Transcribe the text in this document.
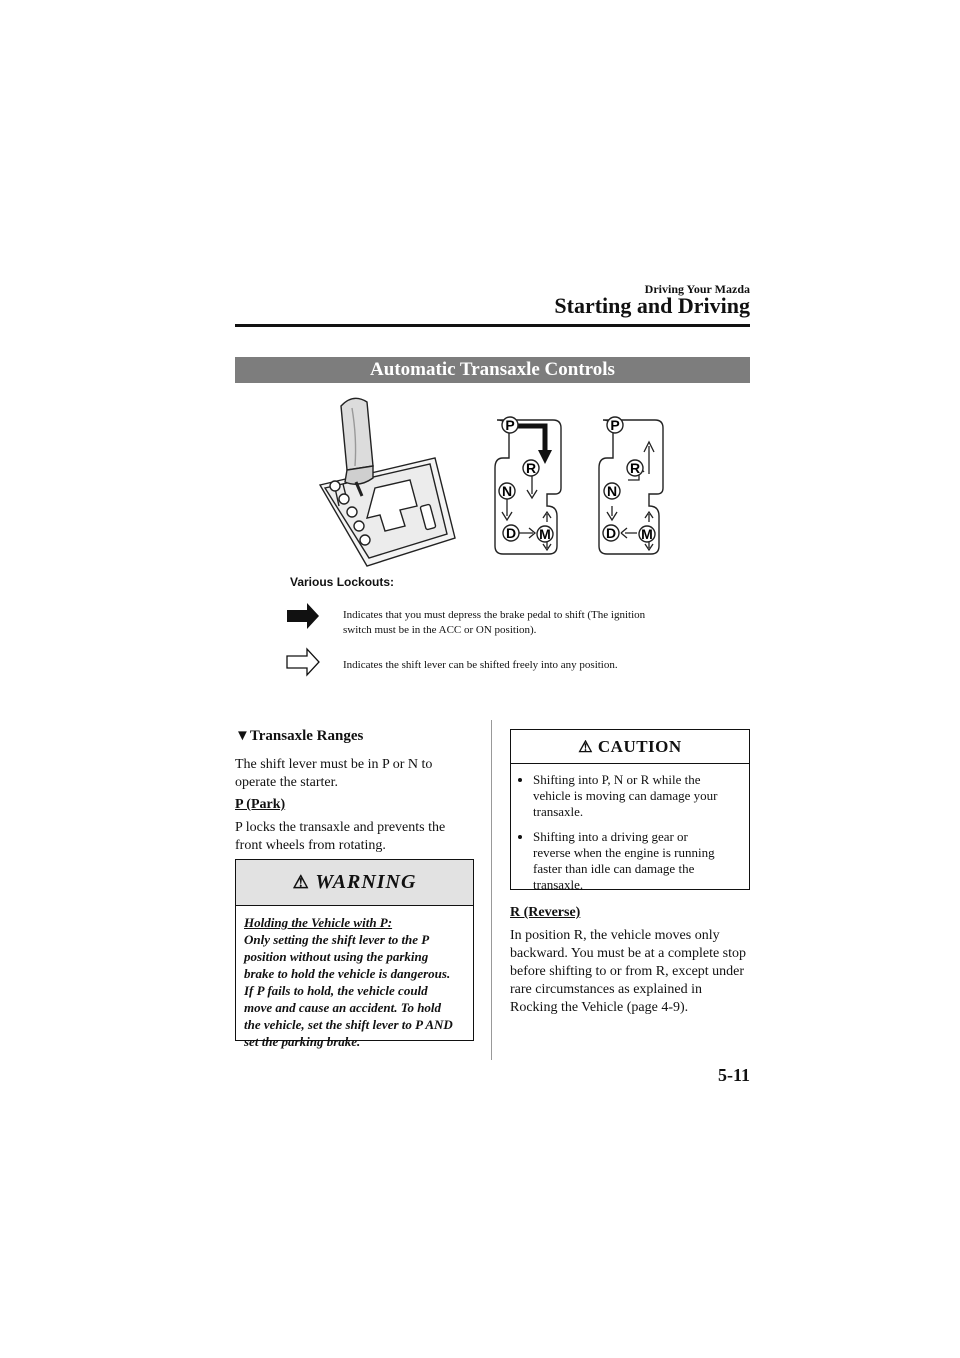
Driving Your Mazda
Starting and Driving
Automatic Transaxle Controls
P
R
N
D M
P
R
N
D M
Various Lockouts:
Indicates that you must depress the brake pedal to shift (The ignition
switch must be in the ACC or ON position).
Indicates the shift lever can be shifted freely into any position.
▼Transaxle Ranges
The shift lever must be in P or N to
operate the starter.
P (Park)
P locks the transaxle and prevents the
front wheels from rotating.
⚠ WARNING
Holding the Vehicle with P:
Only setting the shift lever to the P
position without using the parking
brake to hold the vehicle is dangerous.
If P fails to hold, the vehicle could
move and cause an accident. To hold
the vehicle, set the shift lever to P AND
set the parking brake.
⚠ CAUTION
• Shifting into P, N or R while the
vehicle is moving can damage your
transaxle.
• Shifting into a driving gear or
reverse when the engine is running
faster than idle can damage the
transaxle.
R (Reverse)
In position R, the vehicle moves only
backward. You must be at a complete stop
before shifting to or from R, except under
rare circumstances as explained in
Rocking the Vehicle (page 4-9).
5-11
